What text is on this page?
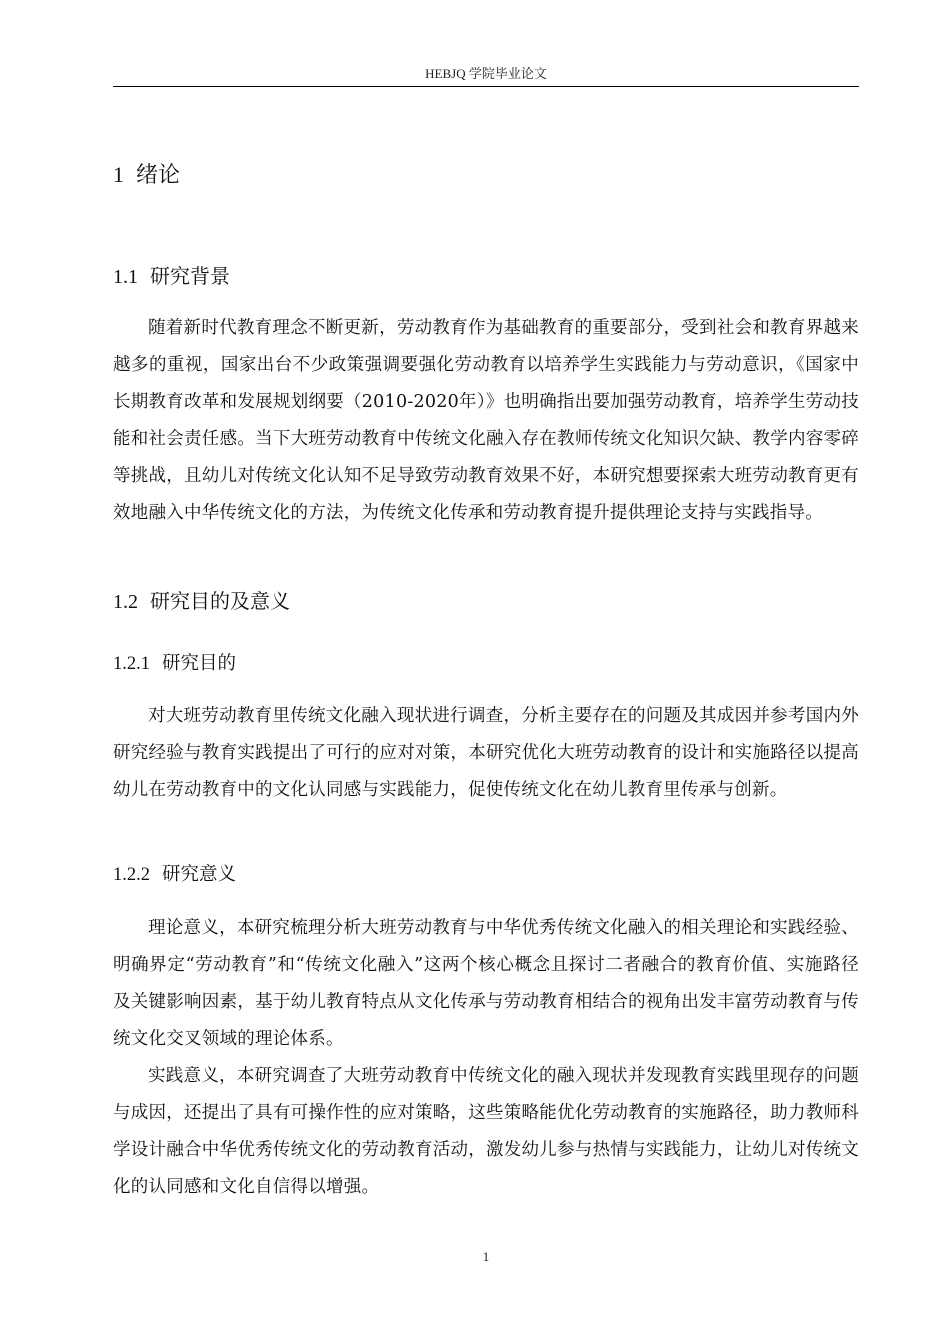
HEBJQ 学院毕业论文
1 绪论
1.1 研究背景

随着新时代教育理念不断更新，劳动教育作为基础教育的重要部分，受到社会和教育界越来越多的重视，国家出台不少政策强调要强化劳动教育以培养学生实践能力与劳动意识，《国家中长期教育改革和发展规划纲要（2010-2020年）》也明确指出要加强劳动教育，培养学生劳动技能和社会责任感。当下大班劳动教育中传统文化融入存在教师传统文化知识欠缺、教学内容零碎等挑战，且幼儿对传统文化认知不足导致劳动教育效果不好，本研究想要探索大班劳动教育更有效地融入中华传统文化的方法，为传统文化传承和劳动教育提升提供理论支持与实践指导。

1.2 研究目的及意义
1.2.1 研究目的

对大班劳动教育里传统文化融入现状进行调查，分析主要存在的问题及其成因并参考国内外研究经验与教育实践提出了可行的应对对策，本研究优化大班劳动教育的设计和实施路径以提高幼儿在劳动教育中的文化认同感与实践能力，促使传统文化在幼儿教育里传承与创新。

1.2.2 研究意义

理论意义，本研究梳理分析大班劳动教育与中华优秀传统文化融入的相关理论和实践经验、明确界定“劳动教育”和“传统文化融入”这两个核心概念且探讨二者融合的教育价值、实施路径及关键影响因素，基于幼儿教育特点从文化传承与劳动教育相结合的视角出发丰富劳动教育与传统文化交叉领域的理论体系。

实践意义，本研究调查了大班劳动教育中传统文化的融入现状并发现教育实践里现存的问题与成因，还提出了具有可操作性的应对策略，这些策略能优化劳动教育的实施路径，助力教师科学设计融合中华优秀传统文化的劳动教育活动，激发幼儿参与热情与实践能力，让幼儿对传统文化的认同感和文化自信得以增强。

1
